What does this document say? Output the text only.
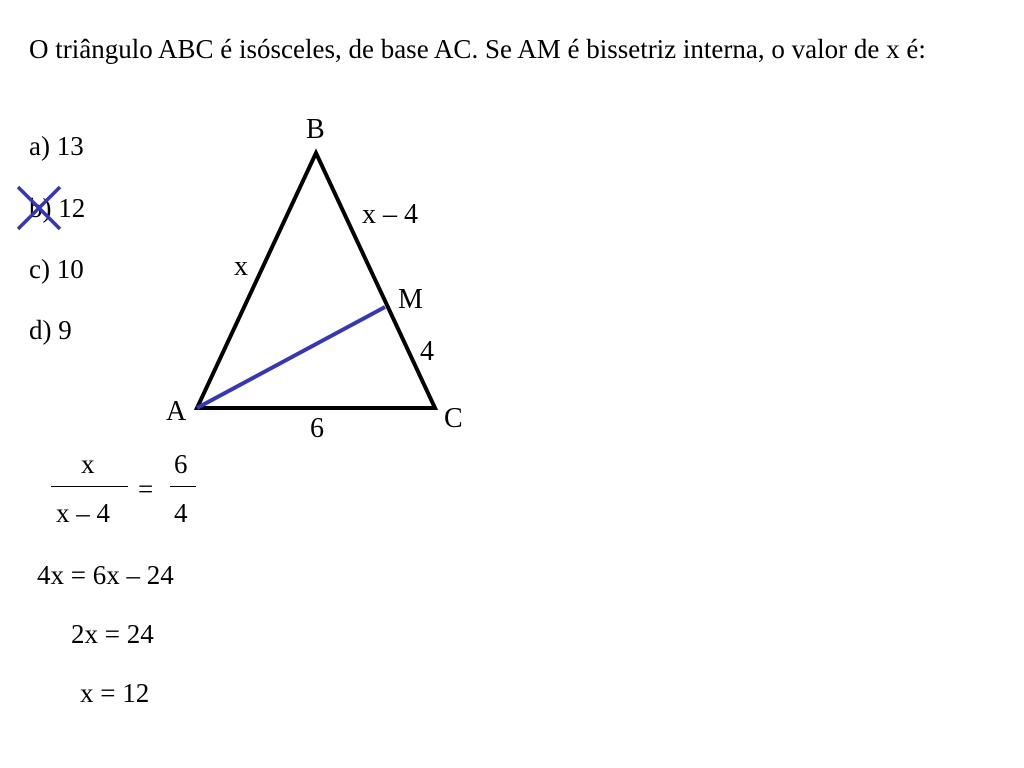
O triângulo ABC é isósceles, de base AC. Se AM é bissetriz interna, o valor de x é:
a) 13
b) 12
c) 10
d) 9
B
A	C
M
x
x – 4
4
6
x
x – 4
=
6
4
4x = 6x – 24
2x = 24
x = 12
